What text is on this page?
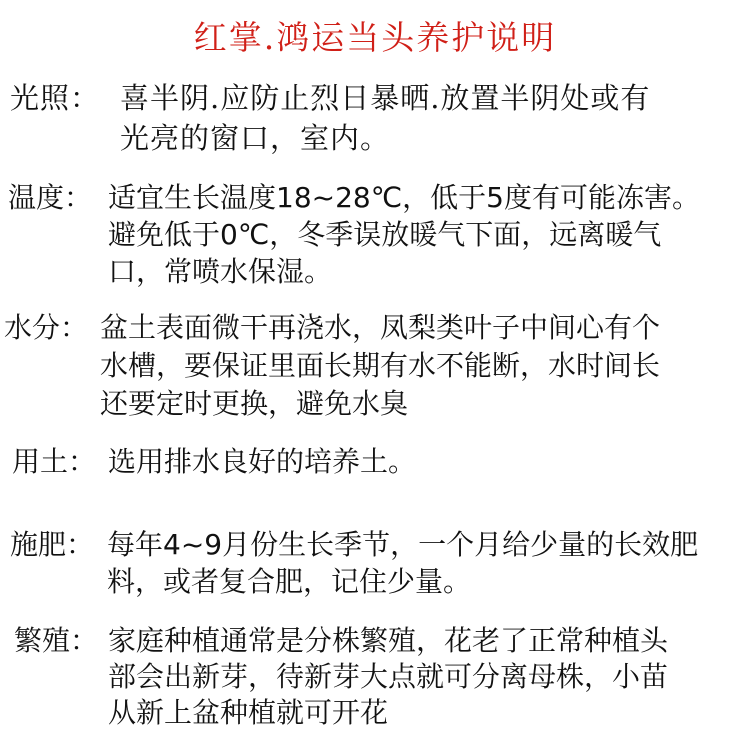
红掌.鸿运当头养护说明
光照： 喜半阴.应防止烈日暴晒.放置半阴处或有
光亮的窗口，室内。
温度： 适宜生长温度18~28℃，低于5度有可能冻害。
避免低于0℃，冬季误放暖气下面，远离暖气
口，常喷水保湿。
水分： 盆土表面微干再浇水，凤梨类叶子中间心有个
水槽，要保证里面长期有水不能断，水时间长
还要定时更换，避免水臭
用土： 选用排水良好的培养土。
施肥： 每年4~9月份生长季节，一个月给少量的长效肥
料，或者复合肥，记住少量。
繁殖： 家庭种植通常是分株繁殖，花老了正常种植头
部会出新芽，待新芽大点就可分离母株，小苗
从新上盆种植就可开花
